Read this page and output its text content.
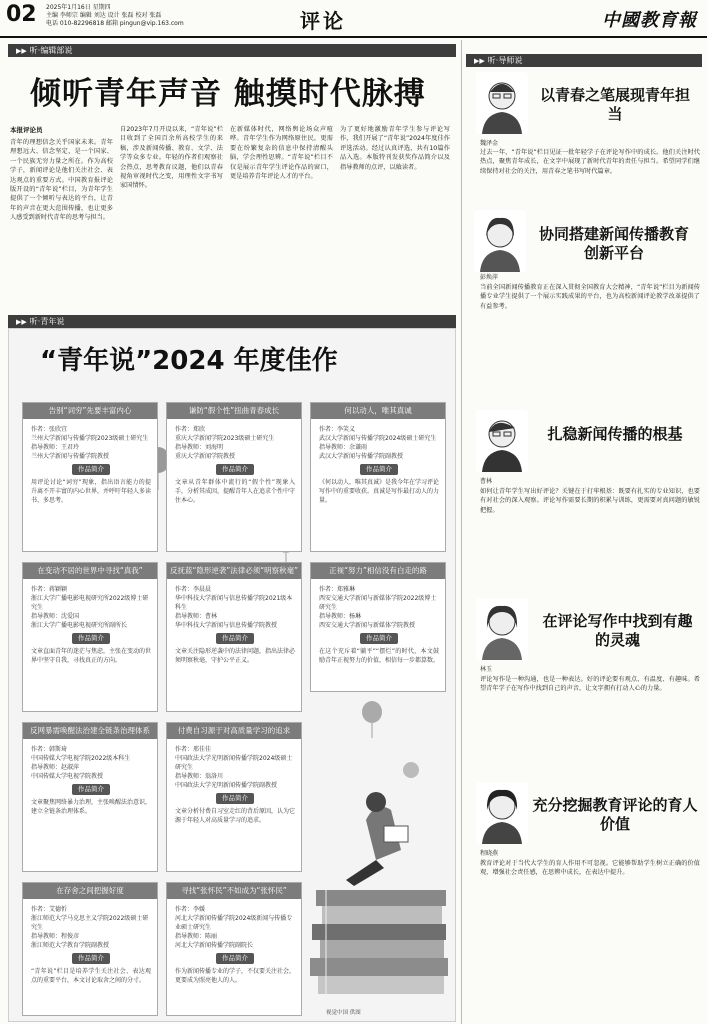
02 2025年1月16日 星期四
主编 李师宗 编辑 刘达 设计 张磊 校对 张磊
电话 010-82296818 邮箱 pingun@vip.163.com	评论	中國教育報
▶▶ 听·编辑部说
倾听青年声音 触摸时代脉搏
本报评论员
青年的理想信念关乎国家未来。青年理想远大、信念坚定，是一个国家、一个民族无穷力量之所在。作为高校学子，新闻评论是他们关注社会、表达观点的重要方式。中国教育报评论版开设的“青年说”栏目，为青年学生提供了一个倾听与表达的平台，让青年的声音在更大范围传播，也让更多人感受到新时代青年的思考与担当。
自2023年7月开设以来，“青年说”栏目收到了全国百余所高校学生的来稿，涉及新闻传播、教育、文学、法学等众多专业。年轻的作者们观察社会热点，思考教育议题，他们以青春视角审视时代之变，用理性文字书写家国情怀。
在新媒体时代，网络舆论场众声喧哗。青年学生作为网络原住民，更需要在纷繁复杂的信息中保持清醒头脑，学会理性思辨。“青年说”栏目不仅是展示青年学生评论作品的窗口，更是培养青年评论人才的平台。
为了更好地激励青年学生参与评论写作，我们开展了“青年说”2024年度佳作评选活动。经过认真评选，共有10篇作品入选。本版特刊发获奖作品简介以及指导教师的点评，以飨读者。
▶▶ 听·导师说
以青春之笔展现青年担当
魏泽金
过去一年，“青年说”栏目见证一批年轻学子在评论写作中的成长。他们关注时代热点，聚焦青年成长，在文字中展现了新时代青年的责任与担当。希望同学们继续保持对社会的关注，用青春之笔书写时代篇章。
协同搭建新闻传播教育创新平台
彭焕萍
当前全国新闻传播教育正在深入贯彻全国教育大会精神，“青年说”栏目为新闻传播专业学生提供了一个展示实践成果的平台，也为高校新闻评论教学改革提供了有益参考。
扎稳新闻传播的根基
曹林
如何让青年学生写出好评论？关键在于打牢根基：既要有扎实的专业知识，也要有对社会的深入观察。评论写作需要长期的积累与训练，更需要对真问题的敏锐把握。
在评论写作中找到有趣的灵魂
林玉
评论写作是一种沟通，也是一种表达。好的评论要有观点、有温度、有趣味。希望青年学子在写作中找到自己的声音，让文字拥有打动人心的力量。
充分挖掘教育评论的育人价值
程晓燕
教育评论对于当代大学生的育人作用不可忽视。它能够帮助学生树立正确的价值观，增强社会责任感，在思辨中成长，在表达中提升。
▶▶ 听·青年说
“青年说”2024 年度佳作
告别“词穷”先要丰富内心
作者：张欣宜
兰州大学新闻与传播学院2023级硕士研究生
指导教师：王君玲
兰州大学新闻与传播学院教授
作品简介
用评论讨论“词穷”现象，指出语言能力的提升离不开丰富的内心世界，并呼吁年轻人多读书、多思考。
谦防“假个性”扭曲青春成长
作者：郑欣
重庆大学新闻学院2023级硕士研究生
指导教师：刘海明
重庆大学新闻学院教授
作品简介
文章从青年群体中流行的“假个性”现象入手，分析其成因，提醒青年人在追求个性中守住本心。
何以动人，唯其真诚
作者：李笑义
武汉大学新闻与传播学院2024级硕士研究生
指导教师：余谦雨
武汉大学新闻与传播学院副教授
作品简介
《何以动人，唯其真诚》是我今年在学习评论写作中的重要收获。真诚是写作最打动人的力量。
在变动不居的世界中寻找“真我”
作者：蒋颖颖
浙江大学广播电影电视研究所2022级博士研究生
指导教师：沈爱国
浙江大学广播电影电视研究所副所长
作品简介
文章直面青年的迷茫与焦虑，主张在变动的世界中坚守自我，寻找真正的方向。
反抚蓝“隐形逆袭”法律必须“明察秋毫”
作者：李晨晨
华中科技大学新闻与信息传播学院2021级本科生
指导教师：曹林
华中科技大学新闻与信息传播学院教授
作品简介
文章关注隐形逆袭中的法律问题，指出法律必须明察秋毫，守护公平正义。
正视“努力”相信没有白走的路
作者：郑雅琳
西安交通大学新闻与新媒体学院2022级博士研究生
指导教师：杨琳
西安交通大学新闻与新媒体学院教授
作品简介
在这个充斥着“躺平”“摆烂”的时代，本文鼓励青年正视努力的价值，相信每一步都算数。
反网暴需唤醒法治建全链条治理体系
作者：韩斯琦
中国传媒大学电视学院2022级本科生
指导教师：赵淑萍
中国传媒大学电视学院教授
作品简介
文章聚焦网络暴力治理，主张唤醒法治意识，建立全链条治理体系。
付费自习源于对高质量学习的追求
作者：邢佳佳
中国政法大学光明新闻传播学院2024级硕士研究生
指导教师：翁洛川
中国政法大学光明新闻传播学院副教授
作品简介
文章分析付费自习室走红的背后原因，认为它源于年轻人对高质量学习的追求。
在存舍之间把握好度
作者：艾德忻
浙江师范大学马克思主义学院2022级硕士研究生
指导教师：程俊彦
浙江师范大学教育学院副教授
作品简介
“青年说”栏目是培养学生关注社会、表达观点的重要平台，本文讨论取舍之间的分寸。
寻找“张怀民”不如成为“张怀民”
作者：李媛
河北大学新闻传播学院2024级新闻与传播专业硕士研究生
指导教师：陈丽
河北大学新闻传播学院副院长
作品简介
作为新闻传播专业的学子，不仅要关注社会，更要成为照亮他人的人。
视觉中国 供图
